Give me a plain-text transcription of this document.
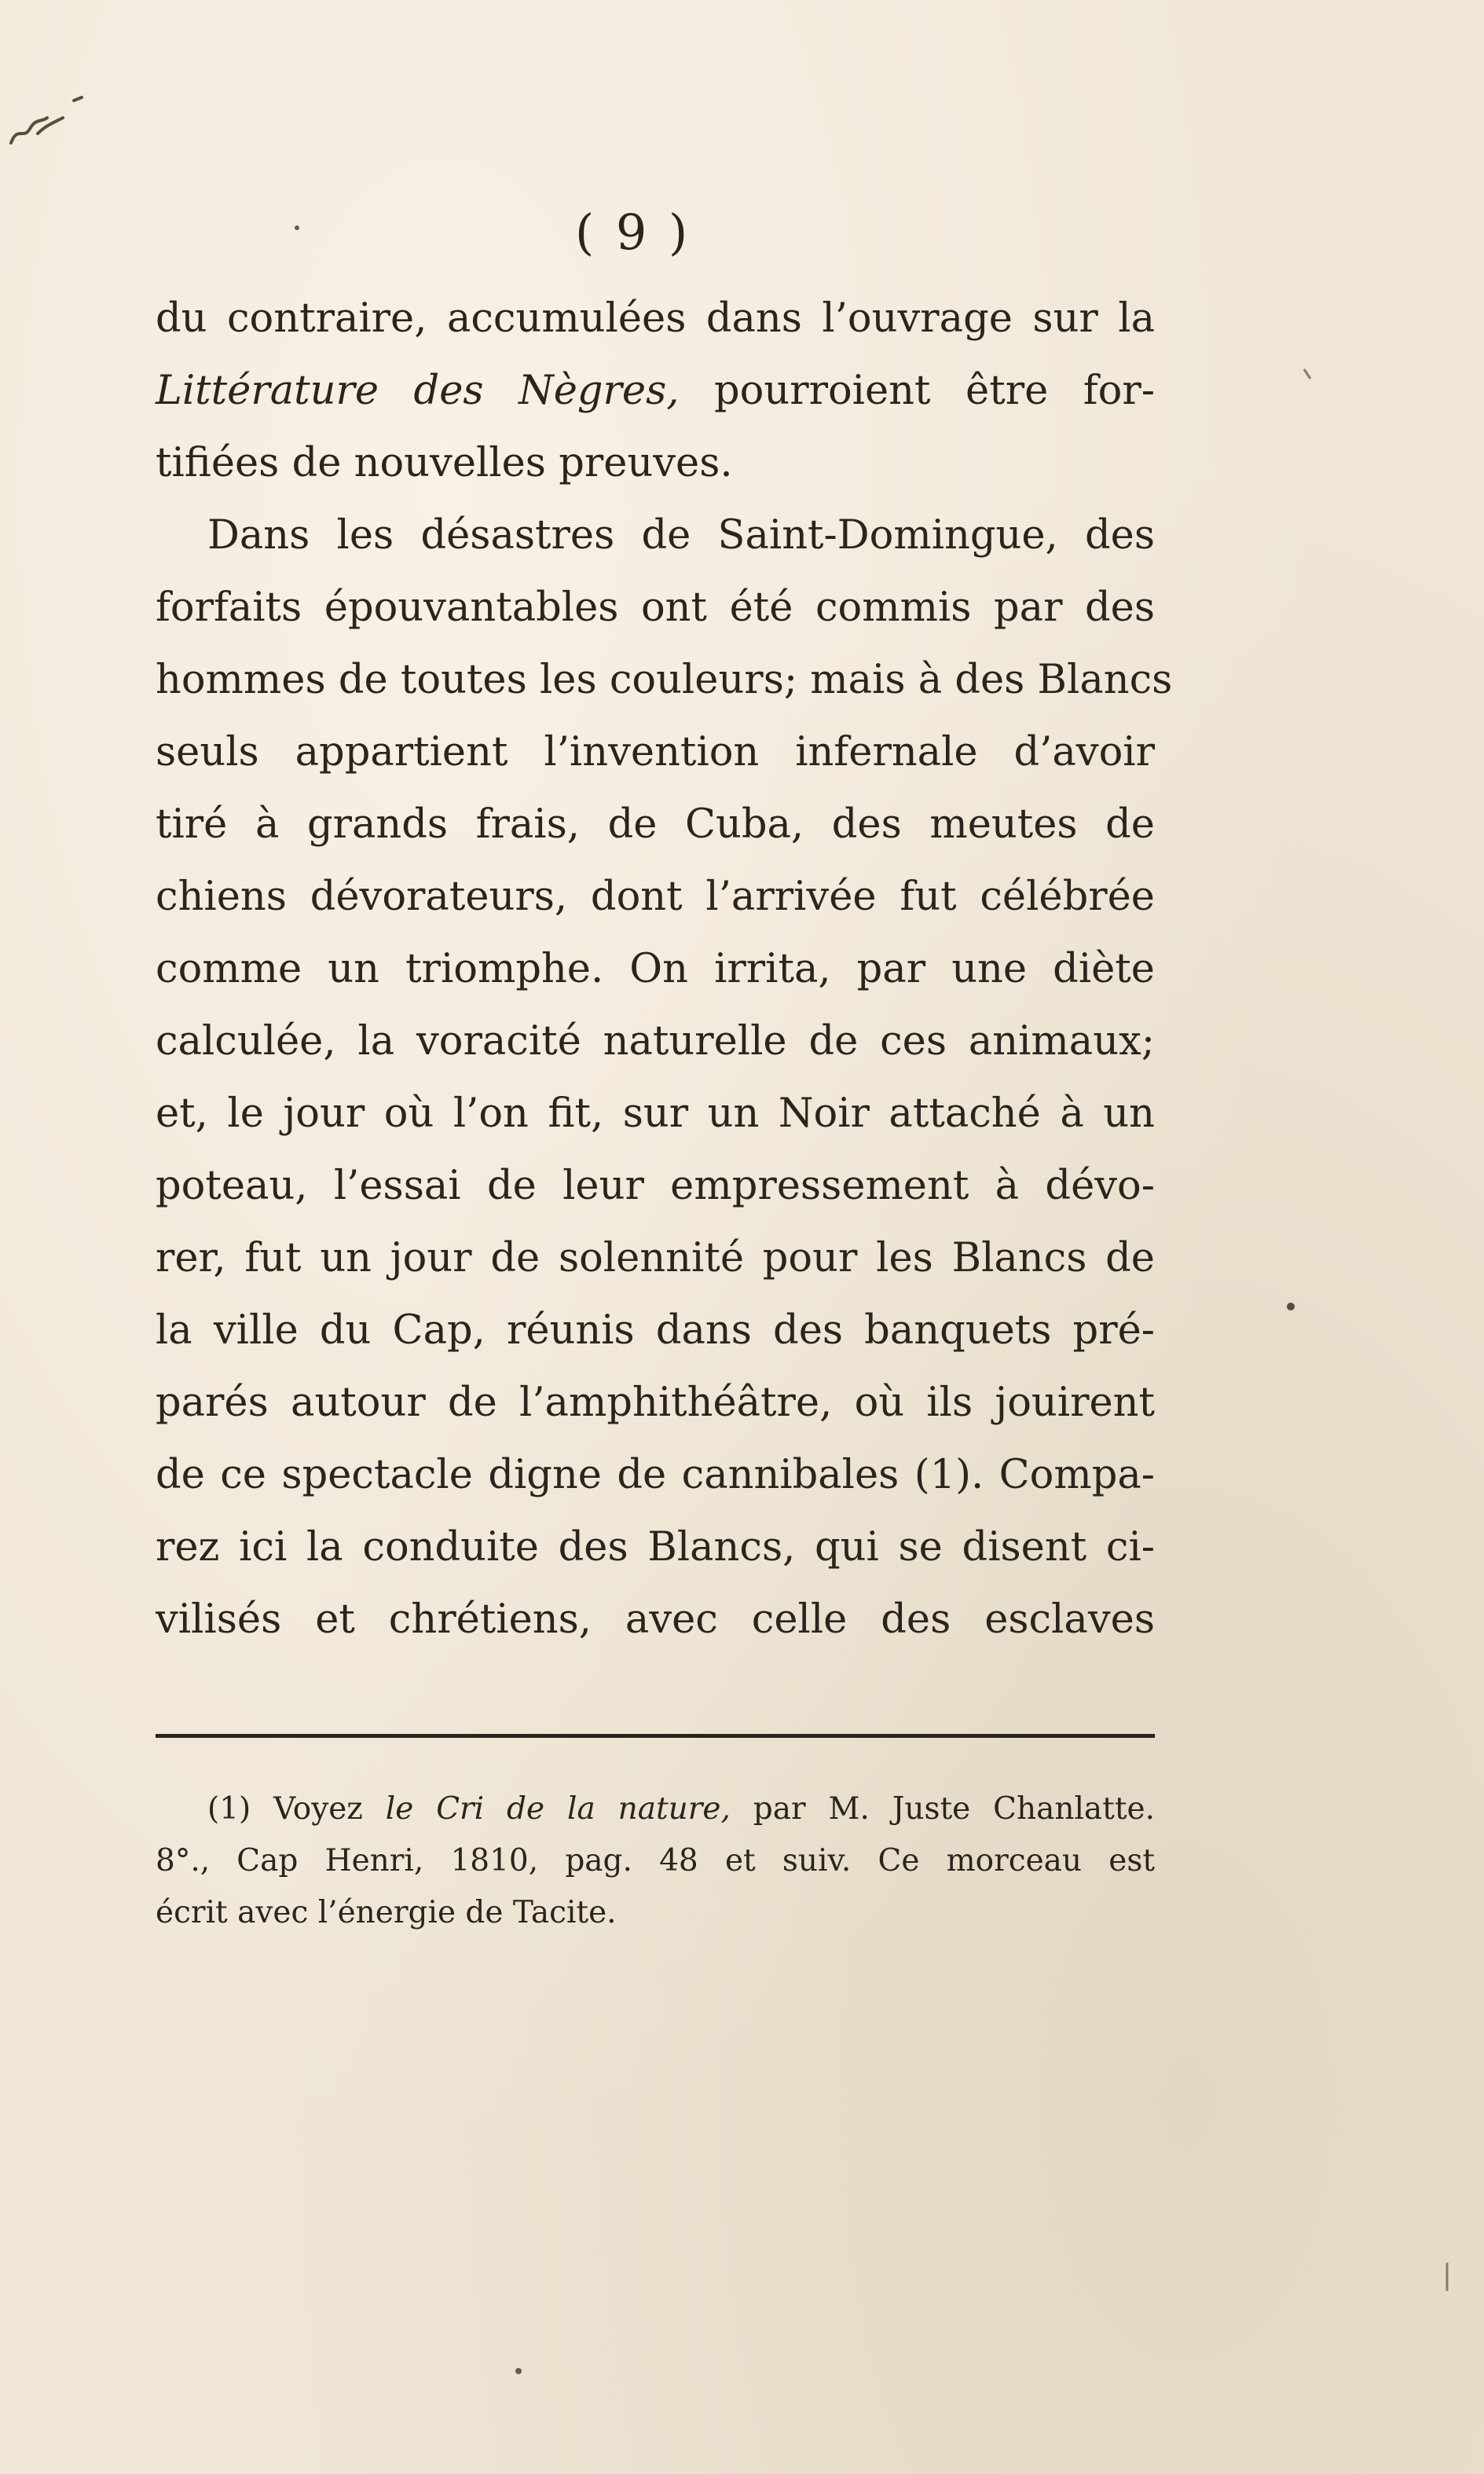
( 9 )
du contraire, accumulées dans l’ouvrage sur la
Littérature des Nègres, pourroient être for-
tifiées de nouvelles preuves.
Dans les désastres de Saint-Domingue, des
forfaits épouvantables ont été commis par des
hommes de toutes les couleurs; mais à des Blancs
seuls appartient l’invention infernale d’avoir
tiré à grands frais, de Cuba, des meutes de
chiens dévorateurs, dont l’arrivée fut célébrée
comme un triomphe. On irrita, par une diète
calculée, la voracité naturelle de ces animaux;
et, le jour où l’on fit, sur un Noir attaché à un
poteau, l’essai de leur empressement à dévo-
rer, fut un jour de solennité pour les Blancs de
la ville du Cap, réunis dans des banquets pré-
parés autour de l’amphithéâtre, où ils jouirent
de ce spectacle digne de cannibales (1). Compa-
rez ici la conduite des Blancs, qui se disent ci-
vilisés et chrétiens, avec celle des esclaves
(1) Voyez le Cri de la nature, par M. Juste Chanlatte.
8°., Cap Henri, 1810, pag. 48 et suiv. Ce morceau est
écrit avec l’énergie de Tacite.
